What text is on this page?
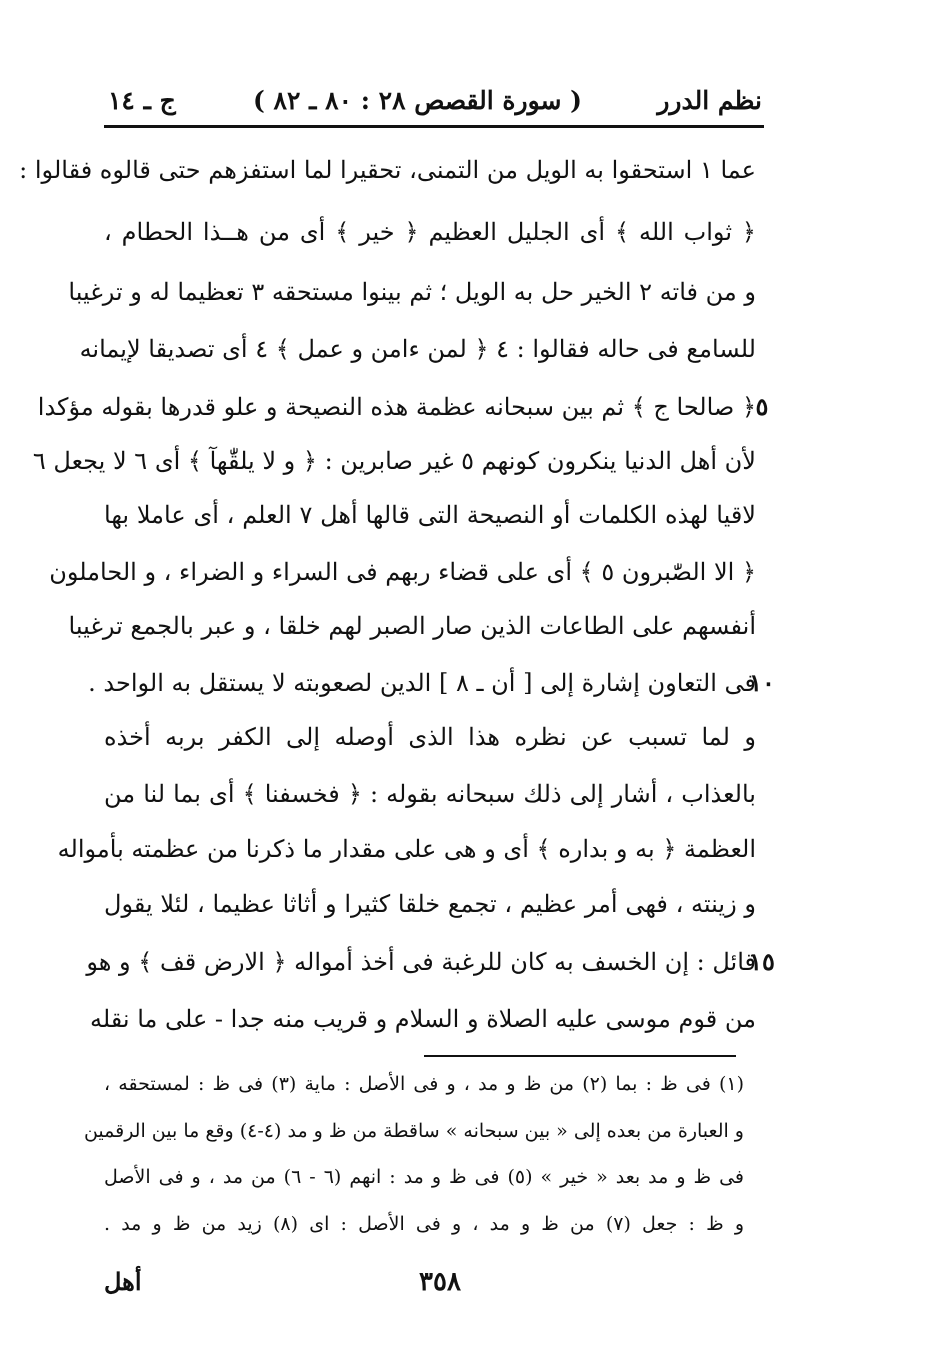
نظم الدرر
( سورة القصص ٢٨ : ٨٠ ـ ٨٢ )
ج ـ ١٤
عما ١ استحقوا به الويل من التمنى، تحقيرا لما استفزهم حتى قالوه فقالوا :
﴿ ثواب الله ﴾ أى الجليل العظيم ﴿ خير ﴾ أى من هــذا الحطام ،
و من فاته ٢ الخير حل به الويل ؛ ثم بينوا مستحقه ٣ تعظيما له و ترغيبا
للسامع فى حاله فقالوا : ٤ ﴿ لمن ءامن و عمل ﴾ ٤ أى تصديقا لإيمانه
﴿ صالحا ج ﴾ ثم بين سبحانه عظمة هذه النصيحة و علو قدرها بقوله مؤكدا
لأن أهل الدنيا ينكرون كونهم ٥ غير صابرين : ﴿ و لا يلقّٰهآ ﴾ أى ٦ لا يجعل ٦
لاقيا لهذه الكلمات أو النصيحة التى قالها أهل ٧ العلم ، أى عاملا بها
﴿ الا الصّٰبرون ٥ ﴾ أى على قضاء ربهم فى السراء و الضراء ، و الحاملون
أنفسهم على الطاعات الذين صار الصبر لهم خلقا ، و عبر بالجمع ترغيبا
فى التعاون إشارة إلى [ أن ـ ٨ ] الدين لصعوبته لا يستقل به الواحد .
و لما تسبب عن نظره هذا الذى أوصله إلى الكفر بربه أخذه
بالعذاب ، أشار إلى ذلك سبحانه بقوله : ﴿ فخسفنا ﴾ أى بما لنا من
العظمة ﴿ به و بداره ﴾ أى و هى على مقدار ما ذكرنا من عظمته بأمواله
و زينته ، فهى أمر عظيم ، تجمع خلقا كثيرا و أثاثا عظيما ، لئلا يقول
قائل : إن الخسف به كان للرغبة فى أخذ أمواله ﴿ الارض قف ﴾ و هو
من قوم موسى عليه الصلاة و السلام و قريب منه جدا - على ما نقله
٥
١٠
١٥
(١) فى ظ : بما (٢) من ظ و مد ، و فى الأصل : ماية (٣) فى ظ : لمستحقه ،
و العبارة من بعده إلى « بين سبحانه » ساقطة من ظ و مد (٤-٤) وقع ما بين الرقمين
فى ظ و مد بعد « خير » (٥) فى ظ و مد : انهم (٦ - ٦) من مد ، و فى الأصل
و ظ : جعل (٧) من ظ و مد ، و فى الأصل : اى (٨) زيد من ظ و مد .
٣٥٨
أهل
